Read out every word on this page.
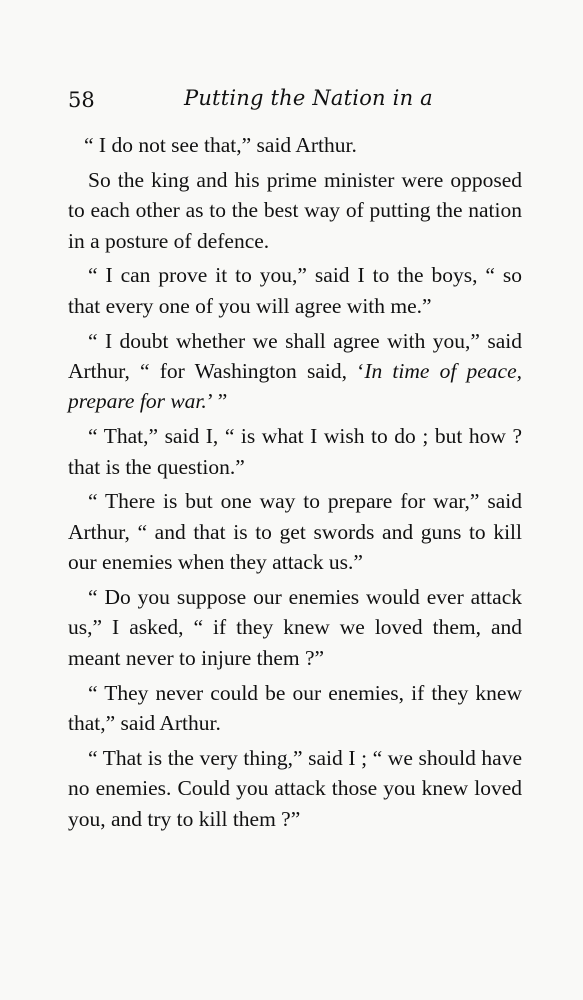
58	Putting the Nation in a

“ I do not see that,” said Arthur.

So the king and his prime minister were opposed to each other as to the best way of putting the nation in a posture of defence.

“ I can prove it to you,” said I to the boys, “ so that every one of you will agree with me.”

“ I doubt whether we shall agree with you,” said Arthur, “ for Washington said, ‘In time of peace, prepare for war.’ ”

“ That,” said I, “ is what I wish to do ; but how ? that is the question.”

“ There is but one way to prepare for war,” said Arthur, “ and that is to get swords and guns to kill our enemies when they attack us.”

“ Do you suppose our enemies would ever attack us,” I asked, “ if they knew we loved them, and meant never to injure them ?”

“ They never could be our enemies, if they knew that,” said Arthur.

“ That is the very thing,” said I ; “ we should have no enemies. Could you attack those you knew loved you, and try to kill them ?”
